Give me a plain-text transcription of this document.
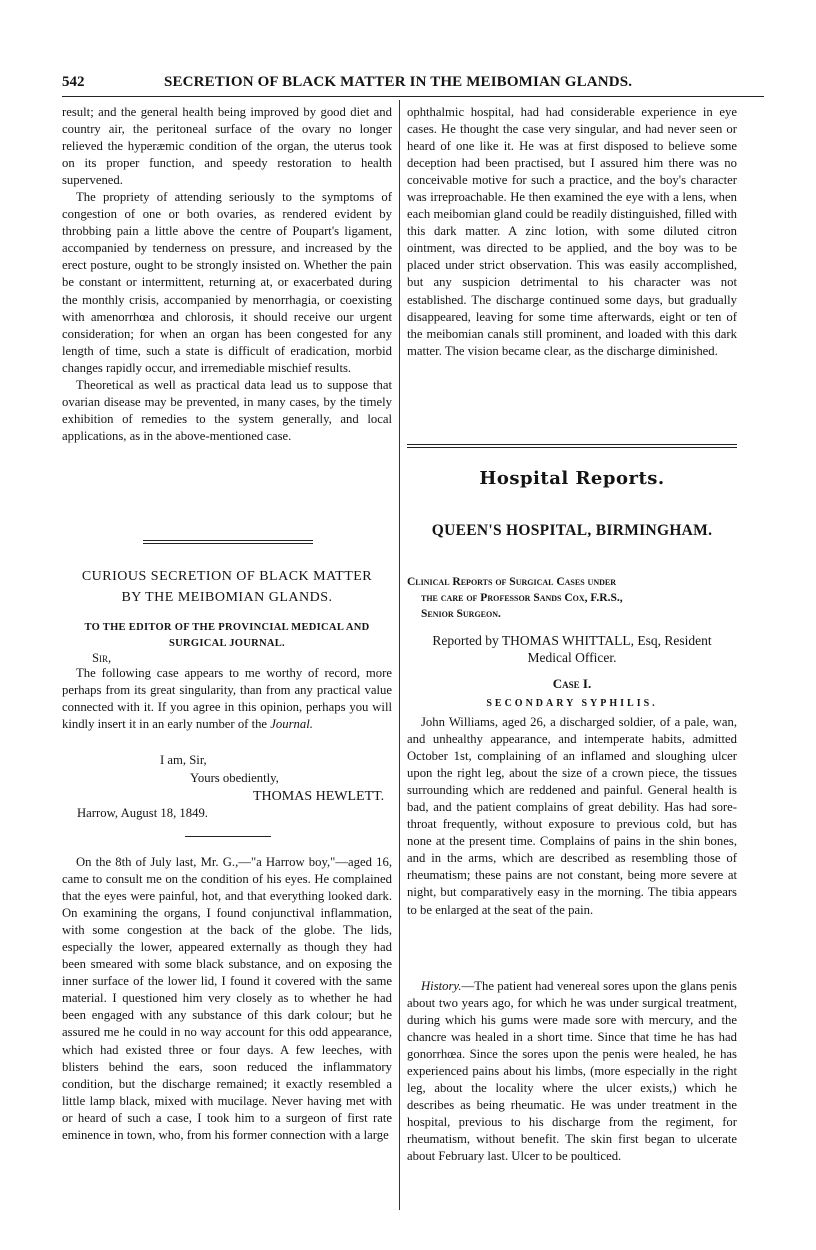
542	SECRETION OF BLACK MATTER IN THE MEIBOMIAN GLANDS.

result; and the general health being improved by good diet and country air, the peritoneal surface of the ovary no longer relieved the hyperæmic condition of the organ, the uterus took on its proper function, and speedy restoration to health supervened.

The propriety of attending seriously to the symptoms of congestion of one or both ovaries, as rendered evident by throbbing pain a little above the centre of Poupart's ligament, accompanied by tenderness on pressure, and increased by the erect posture, ought to be strongly insisted on. Whether the pain be constant or intermittent, returning at, or exacerbated during the monthly crisis, accompanied by menorrhagia, or coexisting with amenorrhœa and chlorosis, it should receive our urgent consideration; for when an organ has been congested for any length of time, such a state is difficult of eradication, morbid changes rapidly occur, and irremediable mischief results.

Theoretical as well as practical data lead us to suppose that ovarian disease may be prevented, in many cases, by the timely exhibition of remedies to the system generally, and local applications, as in the above-mentioned case.

CURIOUS SECRETION OF BLACK MATTER
BY THE MEIBOMIAN GLANDS.
TO THE EDITOR OF THE PROVINCIAL MEDICAL AND
SURGICAL JOURNAL.
Sir,

The following case appears to me worthy of record, more perhaps from its great singularity, than from any practical value connected with it. If you agree in this opinion, perhaps you will kindly insert it in an early number of the Journal.

I am, Sir,
Yours obediently,
THOMAS HEWLETT.
Harrow, August 18, 1849.

On the 8th of July last, Mr. G.,—"a Harrow boy,"—aged 16, came to consult me on the condition of his eyes. He complained that the eyes were painful, hot, and that everything looked dark. On examining the organs, I found conjunctival inflammation, with some congestion at the back of the globe. The lids, especially the lower, appeared externally as though they had been smeared with some black substance, and on exposing the inner surface of the lower lid, I found it covered with the same material. I questioned him very closely as to whether he had been engaged with any substance of this dark colour; but he assured me he could in no way account for this odd appearance, which had existed three or four days. A few leeches, with blisters behind the ears, soon reduced the inflammatory condition, but the discharge remained; it exactly resembled a little lamp black, mixed with mucilage. Never having met with or heard of such a case, I took him to a surgeon of first rate eminence in town, who, from his former connection with a large

ophthalmic hospital, had had considerable experience in eye cases. He thought the case very singular, and had never seen or heard of one like it. He was at first disposed to believe some deception had been practised, but I assured him there was no conceivable motive for such a practice, and the boy's character was irreproachable. He then examined the eye with a lens, when each meibomian gland could be readily distinguished, filled with this dark matter. A zinc lotion, with some diluted citron ointment, was directed to be applied, and the boy was to be placed under strict observation. This was easily accomplished, but any suspicion detrimental to his character was not established. The discharge continued some days, but gradually disappeared, leaving for some time afterwards, eight or ten of the meibomian canals still prominent, and loaded with this dark matter. The vision became clear, as the discharge diminished.

Hospital Reports.
QUEEN'S HOSPITAL, BIRMINGHAM.
Clinical Reports of Surgical Cases under
the care of Professor Sands Cox, F.R.S.,
Senior Surgeon.
Reported by THOMAS WHITTALL, Esq, Resident
Medical Officer.
Case I.
SECONDARY SYPHILIS.

John Williams, aged 26, a discharged soldier, of a pale, wan, and unhealthy appearance, and intemperate habits, admitted October 1st, complaining of an inflamed and sloughing ulcer upon the right leg, about the size of a crown piece, the tissues surrounding which are reddened and painful. General health is bad, and the patient complains of great debility. Has had sore-throat frequently, without exposure to previous cold, but has none at the present time. Complains of pains in the shin bones, and in the arms, which are described as resembling those of rheumatism; these pains are not constant, being more severe at night, but comparatively easy in the morning. The tibia appears to be enlarged at the seat of the pain.

History.—The patient had venereal sores upon the glans penis about two years ago, for which he was under surgical treatment, during which his gums were made sore with mercury, and the chancre was healed in a short time. Since that time he has had gonorrhœa. Since the sores upon the penis were healed, he has experienced pains about his limbs, (more especially in the right leg, about the locality where the ulcer exists,) which he describes as being rheumatic. He was under treatment in the hospital, previous to his discharge from the regiment, for rheumatism, without benefit. The skin first began to ulcerate about February last. Ulcer to be poulticed.
